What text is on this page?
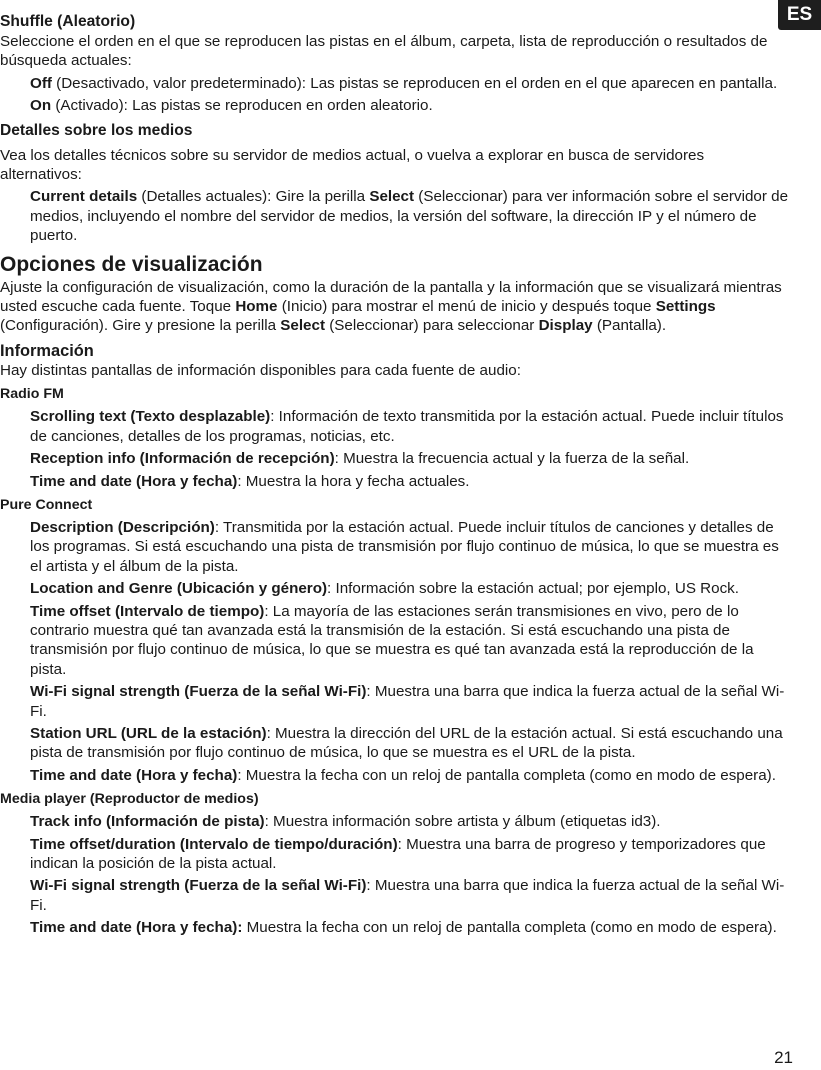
ES
Shuffle (Aleatorio)

Seleccione el orden en el que se reproducen las pistas en el álbum, carpeta, lista de reproducción o resultados de búsqueda actuales:

Off (Desactivado, valor predeterminado): Las pistas se reproducen en el orden en el que aparecen en pantalla.

On (Activado): Las pistas se reproducen en orden aleatorio.

Detalles sobre los medios

Vea los detalles técnicos sobre su servidor de medios actual, o vuelva a explorar en busca de servidores alternativos:

Current details (Detalles actuales): Gire la perilla Select (Seleccionar) para ver información sobre el servidor de medios, incluyendo el nombre del servidor de medios, la versión del software, la dirección IP y el número de puerto.

Opciones de visualización

Ajuste la configuración de visualización, como la duración de la pantalla y la información que se visualizará mientras usted escuche cada fuente. Toque Home (Inicio) para mostrar el menú de inicio y después toque Settings (Configuración). Gire y presione la perilla Select (Seleccionar) para seleccionar Display (Pantalla).

Información

Hay distintas pantallas de información disponibles para cada fuente de audio:

Radio FM

Scrolling text (Texto desplazable): Información de texto transmitida por la estación actual. Puede incluir títulos de canciones, detalles de los programas, noticias, etc.

Reception info (Información de recepción): Muestra la frecuencia actual y la fuerza de la señal.

Time and date (Hora y fecha): Muestra la hora y fecha actuales.

Pure Connect

Description (Descripción): Transmitida por la estación actual. Puede incluir títulos de canciones y detalles de los programas. Si está escuchando una pista de transmisión por flujo continuo de música, lo que se muestra es el artista y el álbum de la pista.

Location and Genre (Ubicación y género): Información sobre la estación actual; por ejemplo, US Rock.

Time offset (Intervalo de tiempo): La mayoría de las estaciones serán transmisiones en vivo, pero de lo contrario muestra qué tan avanzada está la transmisión de la estación. Si está escuchando una pista de transmisión por flujo continuo de música, lo que se muestra es qué tan avanzada está la reproducción de la pista.

Wi-Fi signal strength (Fuerza de la señal Wi-Fi): Muestra una barra que indica la fuerza actual de la señal Wi-Fi.

Station URL (URL de la estación): Muestra la dirección del URL de la estación actual. Si está escuchando una pista de transmisión por flujo continuo de música, lo que se muestra es el URL de la pista.

Time and date (Hora y fecha): Muestra la fecha con un reloj de pantalla completa (como en modo de espera).

Media player (Reproductor de medios)

Track info (Información de pista): Muestra información sobre artista y álbum (etiquetas id3).

Time offset/duration (Intervalo de tiempo/duración): Muestra una barra de progreso y temporizadores que indican la posición de la pista actual.

Wi-Fi signal strength (Fuerza de la señal Wi-Fi): Muestra una barra que indica la fuerza actual de la señal Wi-Fi.

Time and date (Hora y fecha): Muestra la fecha con un reloj de pantalla completa (como en modo de espera).

21
